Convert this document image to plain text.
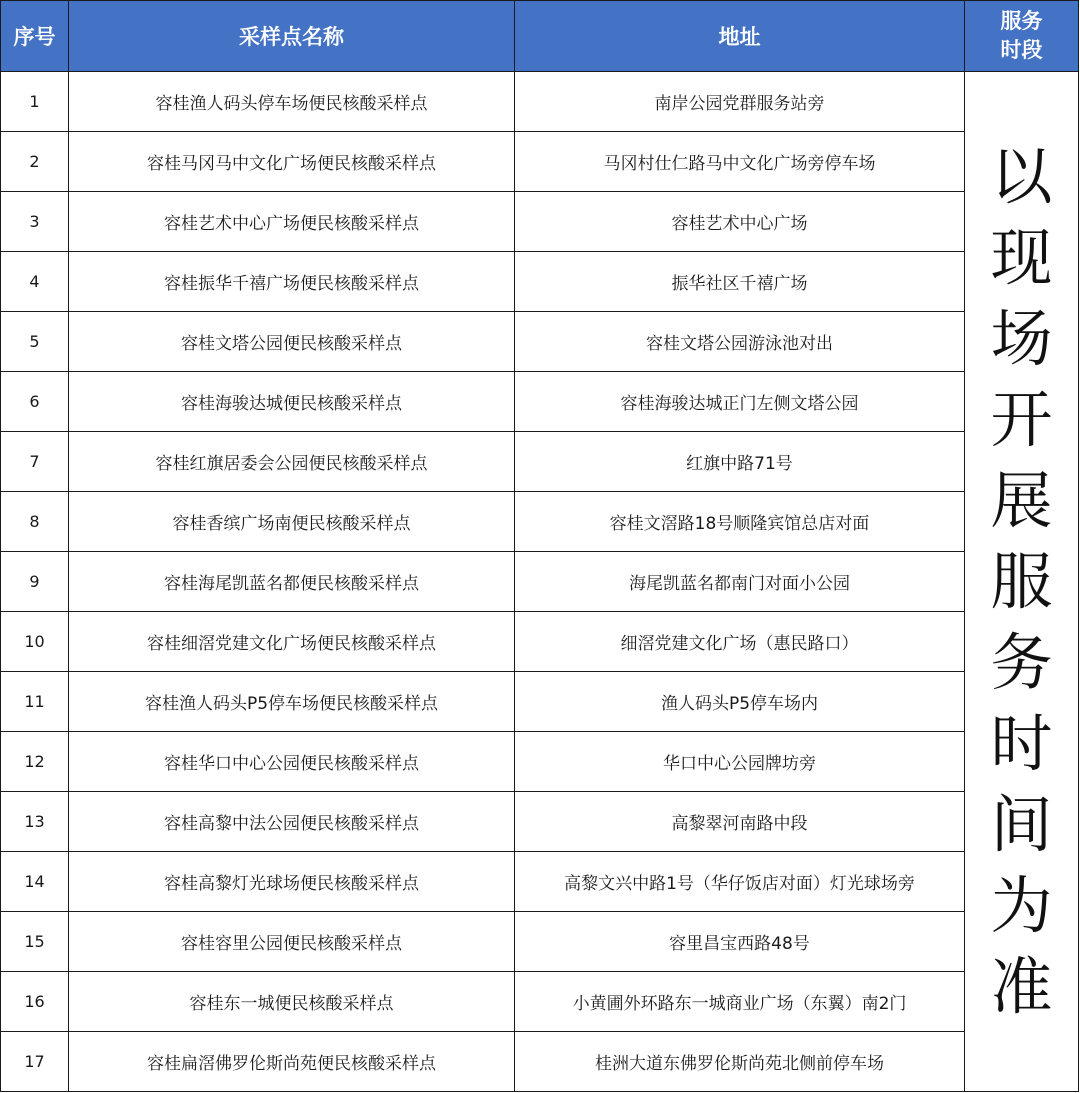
序号	采样点名称	地址	服务
时段

1	容桂渔人码头停车场便民核酸采样点	南岸公园党群服务站旁	以现场开展服务时间为准

2	容桂马冈马中文化广场便民核酸采样点	马冈村仕仁路马中文化广场旁停车场	
3	容桂艺术中心广场便民核酸采样点	容桂艺术中心广场	
4	容桂振华千禧广场便民核酸采样点	振华社区千禧广场	
5	容桂文塔公园便民核酸采样点	容桂文塔公园游泳池对出	
6	容桂海骏达城便民核酸采样点	容桂海骏达城正门左侧文塔公园	
7	容桂红旗居委会公园便民核酸采样点	红旗中路71号	
8	容桂香缤广场南便民核酸采样点	容桂文滘路18号顺隆宾馆总店对面	
9	容桂海尾凯蓝名都便民核酸采样点	海尾凯蓝名都南门对面小公园	
10	容桂细滘党建文化广场便民核酸采样点	细滘党建文化广场（惠民路口）	
11	容桂渔人码头P5停车场便民核酸采样点	渔人码头P5停车场内	
12	容桂华口中心公园便民核酸采样点	华口中心公园牌坊旁	
13	容桂高黎中法公园便民核酸采样点	高黎翠河南路中段	
14	容桂高黎灯光球场便民核酸采样点	高黎文兴中路1号（华仔饭店对面）灯光球场旁	
15	容桂容里公园便民核酸采样点	容里昌宝西路48号	
16	容桂东一城便民核酸采样点	小黄圃外环路东一城商业广场（东翼）南2门	
17	容桂扁滘佛罗伦斯尚苑便民核酸采样点	桂洲大道东佛罗伦斯尚苑北侧前停车场	
